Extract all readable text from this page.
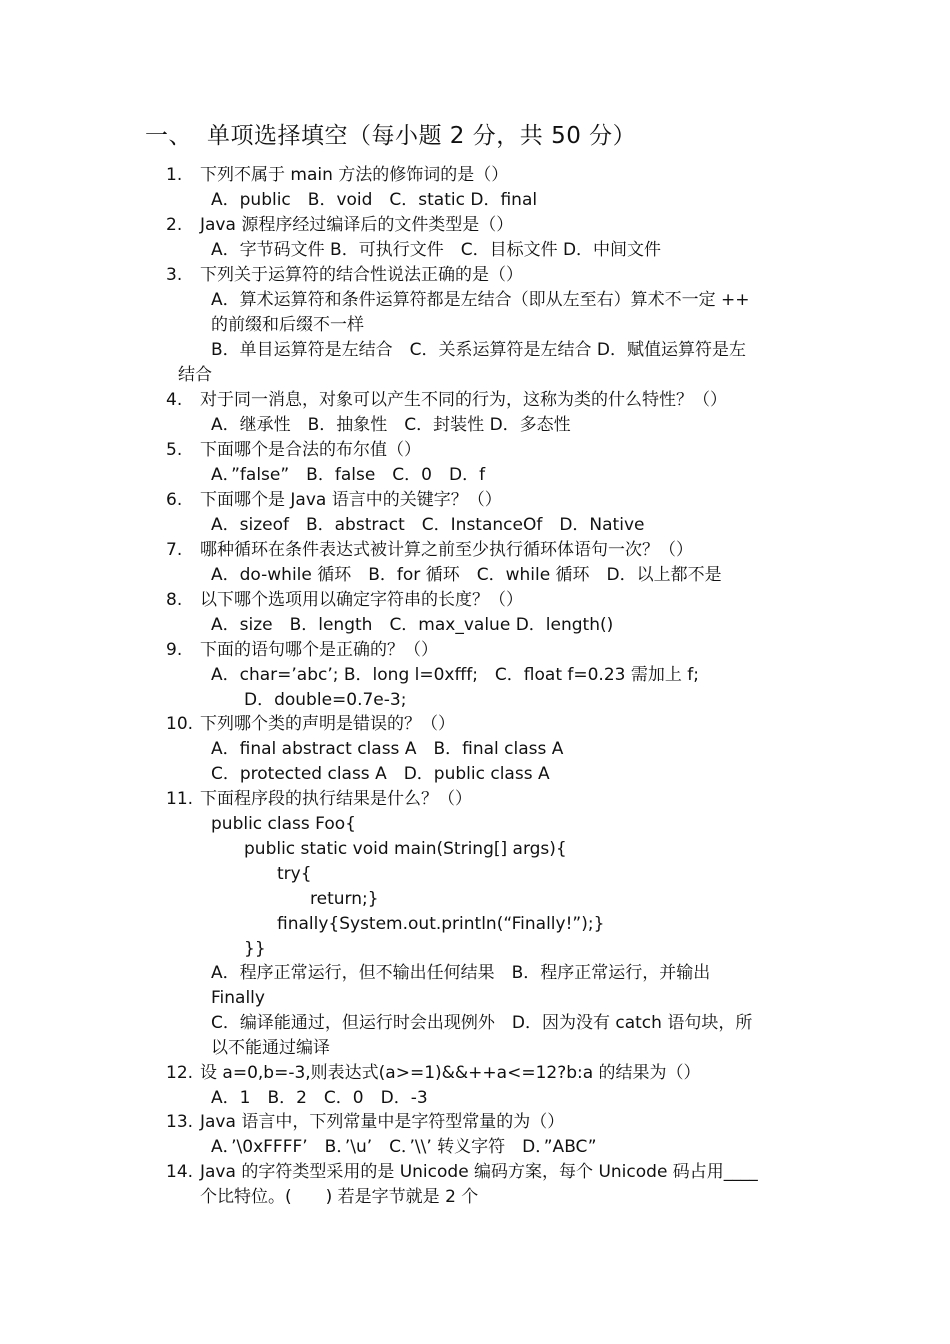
一、 单项选择填空（每小题 2 分，共 50 分）
1. 下列不属于 main 方法的修饰词的是（）
A．public　B．void　C．static D．final
2. Java 源程序经过编译后的文件类型是（）
A．字节码文件 B．可执行文件　C．目标文件 D．中间文件
3. 下列关于运算符的结合性说法正确的是（）
A．算术运算符和条件运算符都是左结合（即从左至右）算术不一定 ++
的前缀和后缀不一样
B．单目运算符是左结合　C．关系运算符是左结合 D．赋值运算符是左
结合
4. 对于同一消息，对象可以产生不同的行为，这称为类的什么特性？（）
A．继承性　B．抽象性　C．封装性 D．多态性
5. 下面哪个是合法的布尔值（）
A．”false”　B．false　C．0　D．f
6. 下面哪个是 Java 语言中的关键字？（）
A．sizeof　B．abstract　C．InstanceOf　D．Native
7. 哪种循环在条件表达式被计算之前至少执行循环体语句一次？（）
A．do-while 循环　B．for 循环　C．while 循环　D．以上都不是
8. 以下哪个选项用以确定字符串的长度？（）
A．size　B．length　C．max_value D．length()
9. 下面的语句哪个是正确的？（）
A．char=’abc’; B．long l=0xfff;　C．float f=0.23 需加上 f;
D．double=0.7e-3;
10. 下列哪个类的声明是错误的？（）
A．final abstract class A　B．final class A
C．protected class A　D．public class A
11. 下面程序段的执行结果是什么？（）
public class Foo{
public static void main(String[] args){
try{
return;}
finally{System.out.println(“Finally!”);}
}}
A．程序正常运行，但不输出任何结果　B．程序正常运行，并输出
Finally
C．编译能通过，但运行时会出现例外　D．因为没有 catch 语句块，所
以不能通过编译
12. 设 a=0,b=-3,则表达式(a>=1)&&++a<=12?b:a 的结果为（）
A．1　B．2　C．0　D．-3
13. Java 语言中，下列常量中是字符型常量的为（）
A．’\0xFFFF’　B．’\u’　C．’\\’ 转义字符　D．”ABC”
14. Java 的字符类型采用的是 Unicode 编码方案，每个 Unicode 码占用____
个比特位。(　　) 若是字节就是 2 个
